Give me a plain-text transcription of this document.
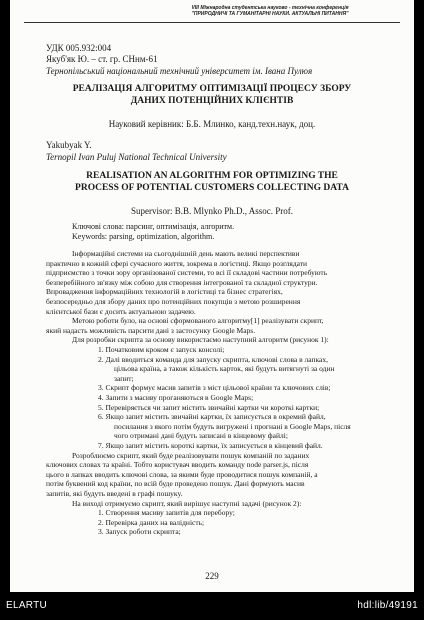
VIII Міжнародна студентська науково - технічна конференція
"ПРИРОДНИЧІ ТА ГУМАНІТАРНІ НАУКИ. АКТУАЛЬНІ ПИТАННЯ"
УДК 005.932:004
Якуб'як Ю. – ст. гр. СНнм-61
Тернопільський національний технічний університет ім. Івана Пулюя
РЕАЛІЗАЦІЯ АЛГОРИТМУ ОПТИМІЗАЦІЇ ПРОЦЕСУ ЗБОРУ
ДАНИХ ПОТЕНЦІЙНИХ КЛІЄНТІВ
Науковий керівник: Б.Б. Млинко, канд.техн.наук, доц.
Yakubyak Y.
Ternopil Ivan Puluj National Technical University
REALISATION AN ALGORITHM FOR OPTIMIZING THE
PROCESS OF POTENTIAL CUSTOMERS COLLECTING DATA
Supervisor: B.B. Mlynko Ph.D., Assoc. Prof.
Ключові слова: парсинг, оптимізація, алгоритм.
Keywords: parsing, optimization, algorithm.
Інформаційні системи на сьогоднішній день мають великі перспективи
практично в кожній сфері сучасного життя, зокрема в логістиці. Якщо розглядати
підприємство з точки зору організованої системи, то всі її складові частини потребують
безперебійного зв'язку між собою для створення інтегрованої та складної структури.
Впровадження інформаційних технологій в логістиці та бізнес стратегіях,
безпосередньо для збору даних про потенційних покупців з метою розширення
клієнтської бази є досить актуальною задачею.
Метою роботи було, на основі сформованого алгоритму[1] реалізувати скрипт,
який надасть можливість парсити дані з застосунку Google Maps.
Для розробки скрипта за основу використаємо наступний алгоритм (рисунок 1):
1. Початковим кроком є запуск консолі;
2. Далі вводиться команда для запуску скрипта, ключові слова в лапках,
цільова країна, а також кількість карток, які будуть витягнуті за один
запит;
3. Скрипт формує масив запитів з міст цільової країни та ключових слів;
4. Запити з масиву проганяються в Google Maps;
5. Перевіряється чи запит містить звичайні картки чи короткі картки;
6. Якщо запит містить звичайні картки, їх записується в окремий файл,
посилання з якого потім будуть вигружені і прогнані в Google Maps, після
чого отримані дані будуть записані в кінцевому файлі;
7. Якщо запит містить короткі картки, їх записується в кінцевий файл.
Розроблюємо скрипт, який буде реалізовувати пошук компаній по заданих
ключових словах та країні. Тобто користувач вводить команду node parser.js, після
цього в лапках вводить ключові слова, за якими буде проводитися пошук компаній, а
потім буквений код країни, по всій буде проведено пошук. Дані формують масив
запитів, які будуть введені в графі пошуку.
На виході отримуємо скрипт, який вирішує наступні задачі (рисунок 2):
1. Створення масиву запитів для перебору;
2. Перевірка даних на валідність;
3. Запуск роботи скрипта;
229
ELARTU	hdl:lib/49191
